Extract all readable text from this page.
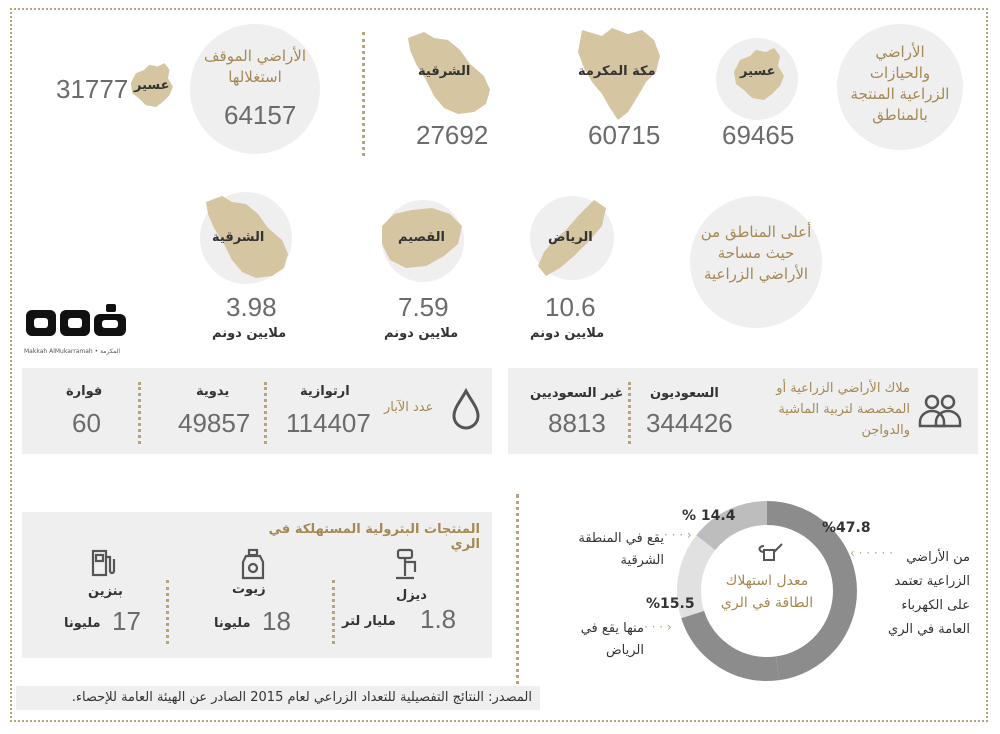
الأراضي والحيازات الزراعية المنتجة بالمناطق
عسير
69465
مكة المكرمة
60715
الشرقية
27692
الأراضي الموقف استغلالها
64157
عسير
31777
أعلى المناطق من حيث مساحة الأراضي الزراعية
الرياض
10.6
ملايين دونم
القصيم
7.59
ملايين دونم
الشرقية
3.98
ملايين دونم
Makkah AlMukarramah • المكرمة
ملاك الأراضي الزراعية أو المخصصة لتربية الماشية والدواجن
السعوديون
344426
غير السعوديين
8813
عدد الآبار
ارتوازية
114407
يدوية
49857
فوارة
60
المنتجات البترولية المستهلكة في الري
ديزل
1.8
مليار لتر
زيوت
18
مليونا
بنزين
17
مليونا
معدل استهلاك الطاقة في الري
%47.8
‹ · · · · ·	من الأراضي الزراعية تعتمد على الكهرباء العامة في الري
% 14.4
· · · ›
يقع في المنطقة الشرقية
%15.5
· · · ›
منها يقع في الرياض
المصدر: النتائج التفصيلية للتعداد الزراعي لعام 2015 الصادر عن الهيئة العامة للإحصاء.
